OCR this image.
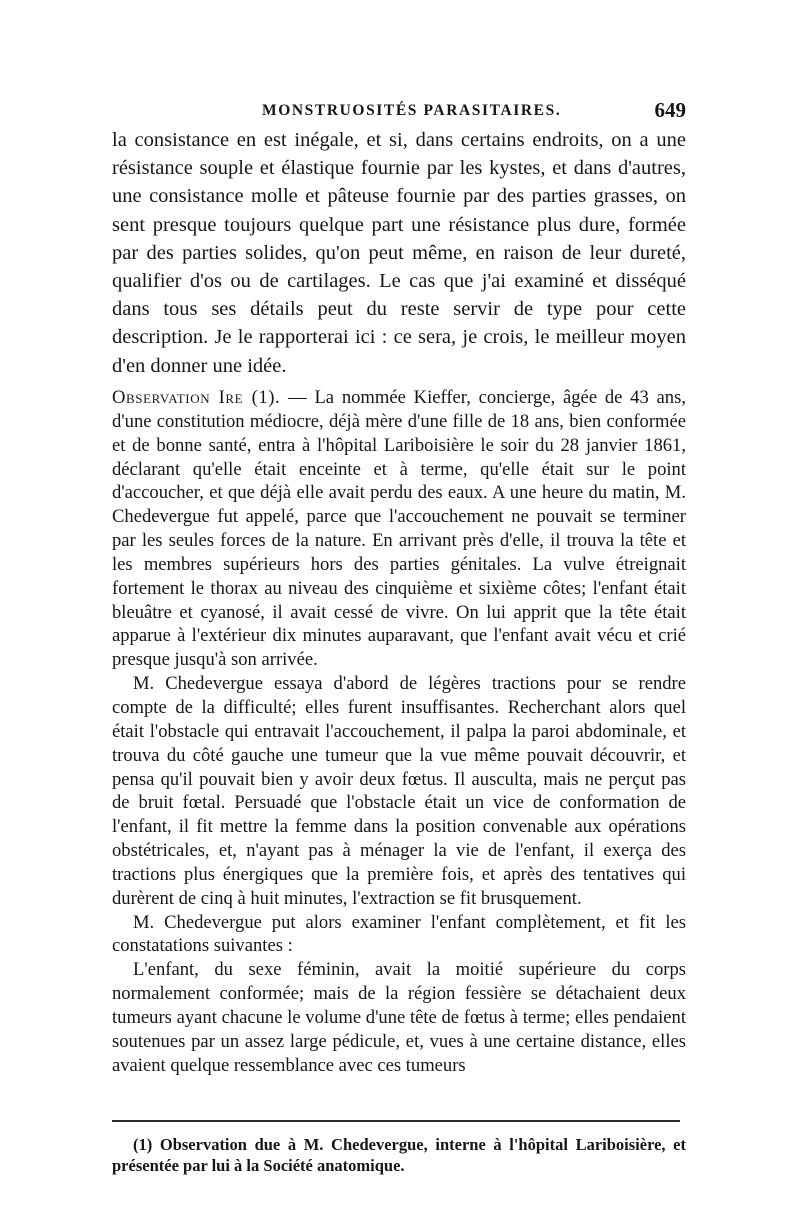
MONSTRUOSITÉS PARASITAIRES.	649

la consistance en est inégale, et si, dans certains endroits, on a une résistance souple et élastique fournie par les kystes, et dans d'autres, une consistance molle et pâteuse fournie par des parties grasses, on sent presque toujours quelque part une résistance plus dure, formée par des parties solides, qu'on peut même, en raison de leur dureté, qualifier d'os ou de cartilages. Le cas que j'ai examiné et disséqué dans tous ses détails peut du reste servir de type pour cette description. Je le rapporterai ici : ce sera, je crois, le meilleur moyen d'en donner une idée.

Observation Ire (1). — La nommée Kieffer, concierge, âgée de 43 ans, d'une constitution médiocre, déjà mère d'une fille de 18 ans, bien conformée et de bonne santé, entra à l'hôpital Lariboisière le soir du 28 janvier 1861, déclarant qu'elle était enceinte et à terme, qu'elle était sur le point d'accoucher, et que déjà elle avait perdu des eaux. A une heure du matin, M. Chedevergue fut appelé, parce que l'accouchement ne pouvait se terminer par les seules forces de la nature. En arrivant près d'elle, il trouva la tête et les membres supérieurs hors des parties génitales. La vulve étreignait fortement le thorax au niveau des cinquième et sixième côtes; l'enfant était bleuâtre et cyanosé, il avait cessé de vivre. On lui apprit que la tête était apparue à l'extérieur dix minutes auparavant, que l'enfant avait vécu et crié presque jusqu'à son arrivée.

M. Chedevergue essaya d'abord de légères tractions pour se rendre compte de la difficulté; elles furent insuffisantes. Recherchant alors quel était l'obstacle qui entravait l'accouchement, il palpa la paroi abdominale, et trouva du côté gauche une tumeur que la vue même pouvait découvrir, et pensa qu'il pouvait bien y avoir deux fœtus. Il ausculta, mais ne perçut pas de bruit fœtal. Persuadé que l'obstacle était un vice de conformation de l'enfant, il fit mettre la femme dans la position convenable aux opérations obstétricales, et, n'ayant pas à ménager la vie de l'enfant, il exerça des tractions plus énergiques que la première fois, et après des tentatives qui durèrent de cinq à huit minutes, l'extraction se fit brusquement.

M. Chedevergue put alors examiner l'enfant complètement, et fit les constatations suivantes :

L'enfant, du sexe féminin, avait la moitié supérieure du corps normalement conformée; mais de la région fessière se détachaient deux tumeurs ayant chacune le volume d'une tête de fœtus à terme; elles pendaient soutenues par un assez large pédicule, et, vues à une certaine distance, elles avaient quelque ressemblance avec ces tumeurs

(1) Observation due à M. Chedevergue, interne à l'hôpital Lariboisière, et présentée par lui à la Société anatomique.
